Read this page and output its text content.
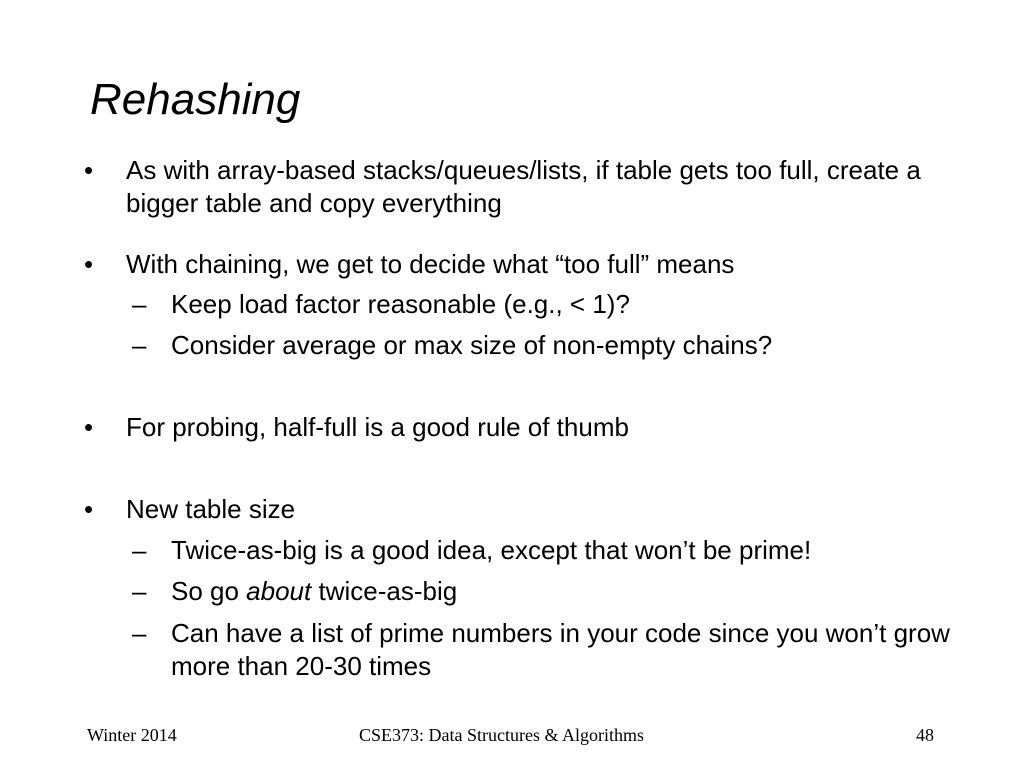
Rehashing
•	As with array-based stacks/queues/lists, if table gets too full, create a bigger table and copy everything
•	With chaining, we get to decide what “too full” means
– Keep load factor reasonable (e.g., < 1)?
– Consider average or max size of non-empty chains?
•	For probing, half-full is a good rule of thumb
•	New table size
– Twice-as-big is a good idea, except that won’t be prime!
– So go about twice-as-big
– Can have a list of prime numbers in your code since you won’t grow more than 20-30 times
Winter 2014	CSE373: Data Structures & Algorithms	48
